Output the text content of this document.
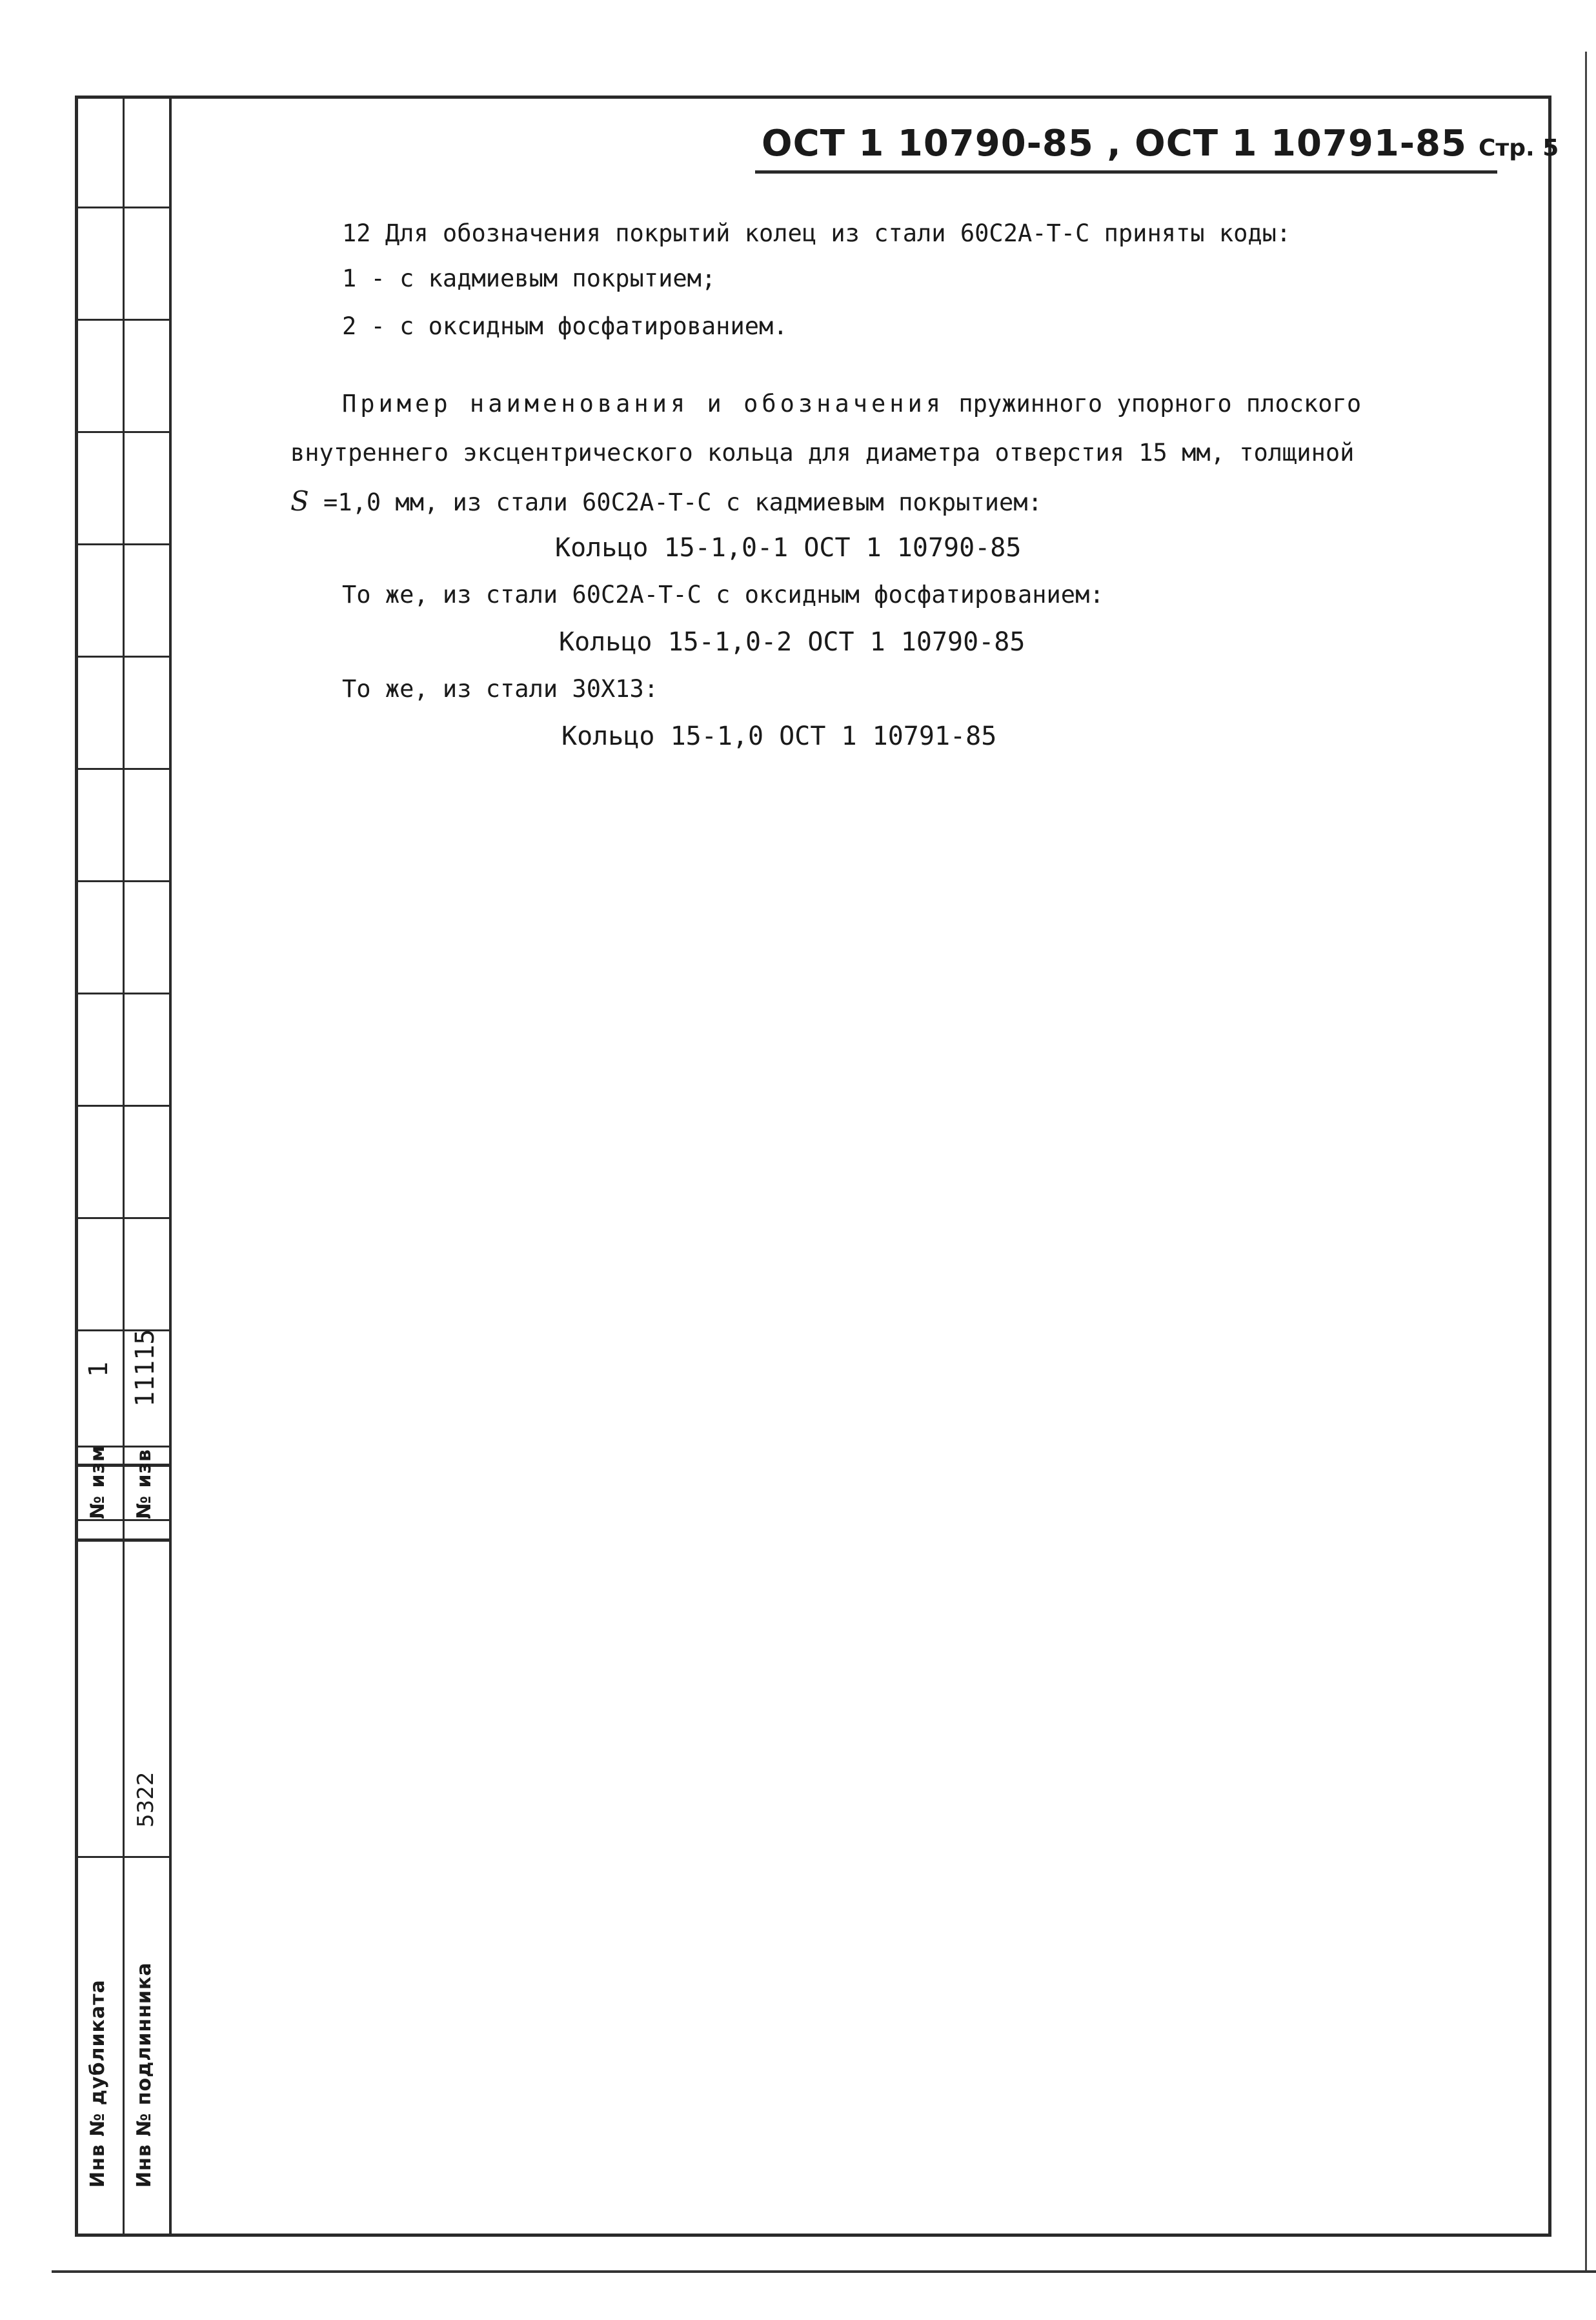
1 11115
№ изм № изв
5322
Инв № дубликата Инв № подлинника
ОСТ 1 10790-85 , ОСТ 1 10791-85 Стр. 5
12 Для обозначения покрытий колец из стали 60С2А-Т-С приняты коды:
1 - с кадмиевым покрытием;
2 - с оксидным фосфатированием.
Пример наименования и обозначения пружинного упорного плоского
внутреннего эксцентрического кольца для диаметра отверстия 15 мм, толщиной
S =1,0 мм, из стали 60С2А-Т-С с кадмиевым покрытием:
Кольцо 15-1,0-1 ОСТ 1 10790-85
То же, из стали 60С2А-Т-С с оксидным фосфатированием:
Кольцо 15-1,0-2 ОСТ 1 10790-85
То же, из стали 30Х13:
Кольцо 15-1,0 ОСТ 1 10791-85
